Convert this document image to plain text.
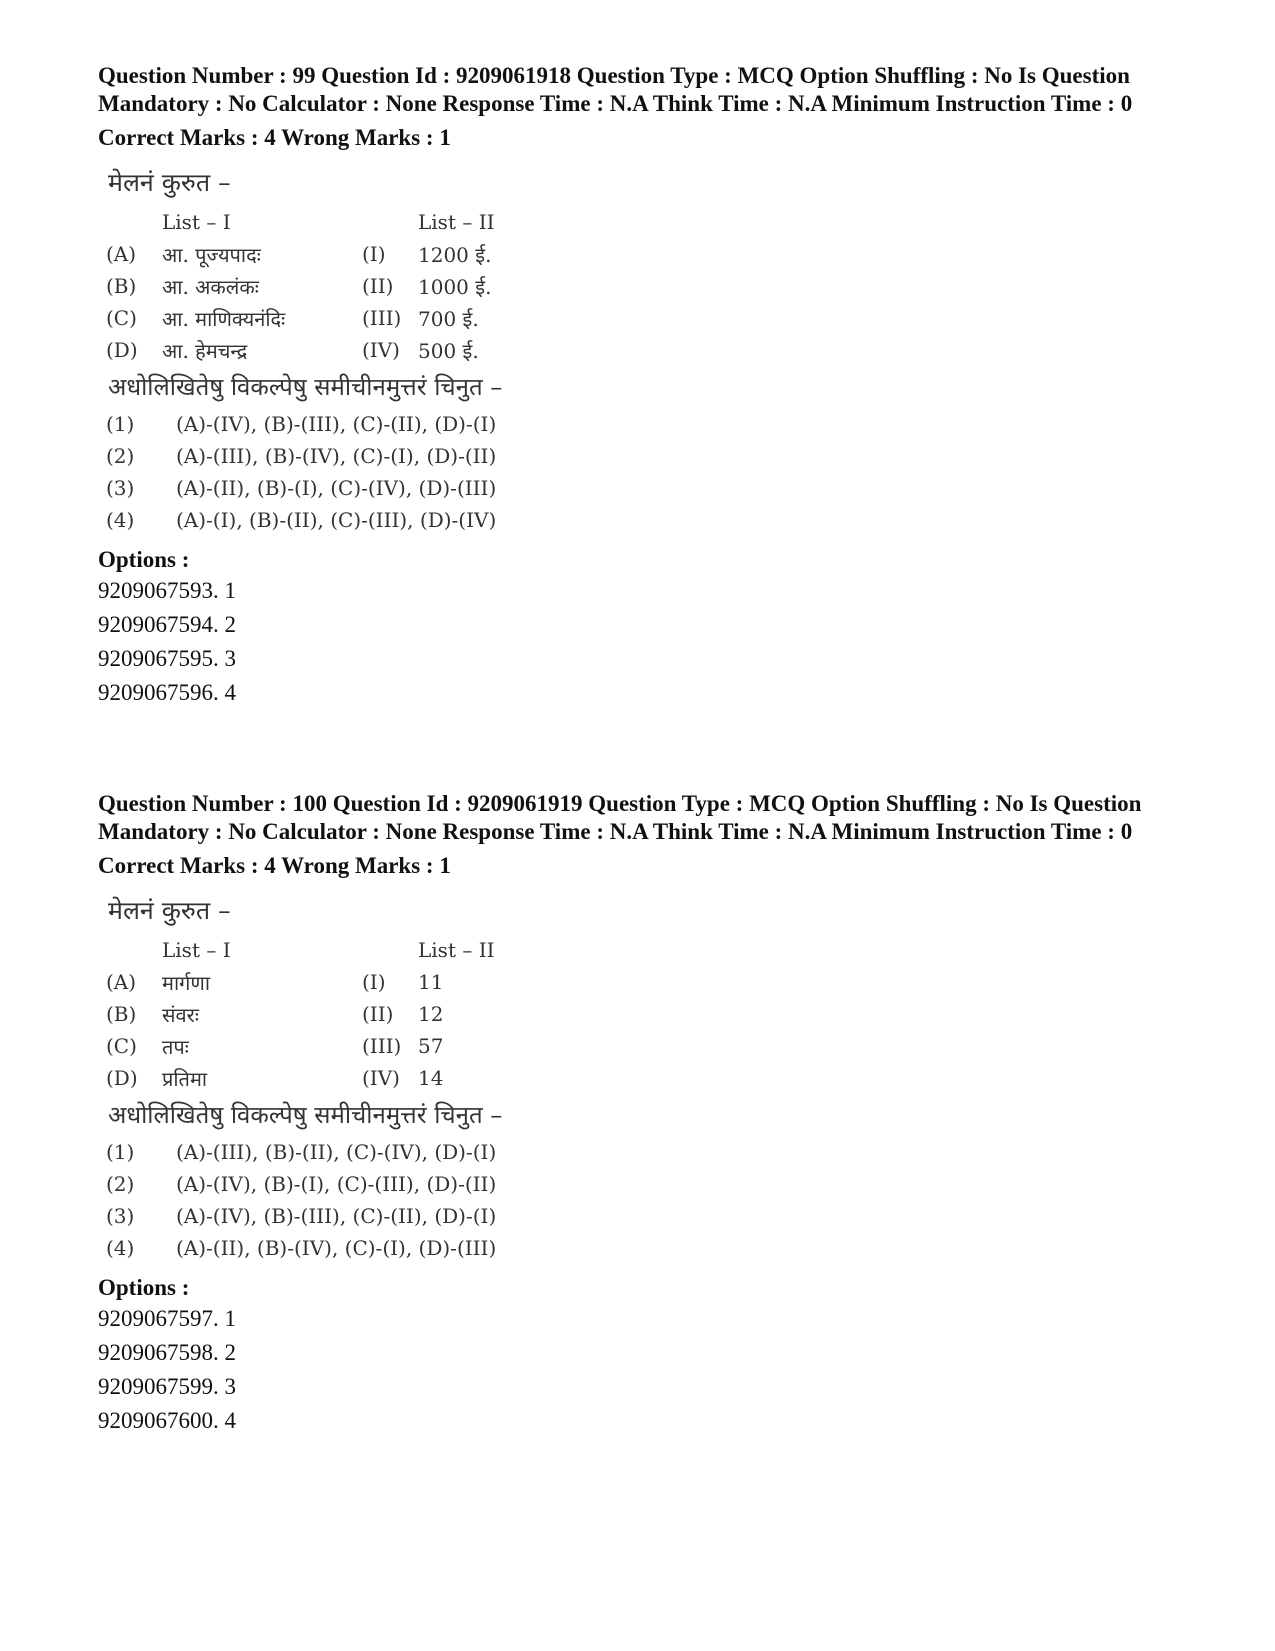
Question Number : 99 Question Id : 9209061918 Question Type : MCQ Option Shuffling : No Is Question Mandatory : No Calculator : None Response Time : N.A Think Time : N.A Minimum Instruction Time : 0

Correct Marks : 4 Wrong Marks : 1
मेलनं कुरुत –
	List – I		List – II
(A)	आ. पूज्यपादः	(I)	1200 ई.
(B)	आ. अकलंकः	(II)	1000 ई.
(C)	आ. माणिक्यनंदिः	(III)	700 ई.
(D)	आ. हेमचन्द्र	(IV)	500 ई.
अधोलिखितेषु विकल्पेषु समीचीनमुत्तरं चिनुत –
(1)	(A)-(IV), (B)-(III), (C)-(II), (D)-(I)
(2)	(A)-(III), (B)-(IV), (C)-(I), (D)-(II)
(3)	(A)-(II), (B)-(I), (C)-(IV), (D)-(III)
(4)	(A)-(I), (B)-(II), (C)-(III), (D)-(IV)
Options :
9209067593. 1
9209067594. 2
9209067595. 3
9209067596. 4

Question Number : 100 Question Id : 9209061919 Question Type : MCQ Option Shuffling : No Is Question Mandatory : No Calculator : None Response Time : N.A Think Time : N.A Minimum Instruction Time : 0

Correct Marks : 4 Wrong Marks : 1
मेलनं कुरुत –
	List – I		List – II
(A)	मार्गणा	(I)	11
(B)	संवरः	(II)	12
(C)	तपः	(III)	57
(D)	प्रतिमा	(IV)	14
अधोलिखितेषु विकल्पेषु समीचीनमुत्तरं चिनुत –
(1)	(A)-(III), (B)-(II), (C)-(IV), (D)-(I)
(2)	(A)-(IV), (B)-(I), (C)-(III), (D)-(II)
(3)	(A)-(IV), (B)-(III), (C)-(II), (D)-(I)
(4)	(A)-(II), (B)-(IV), (C)-(I), (D)-(III)
Options :
9209067597. 1
9209067598. 2
9209067599. 3
9209067600. 4
